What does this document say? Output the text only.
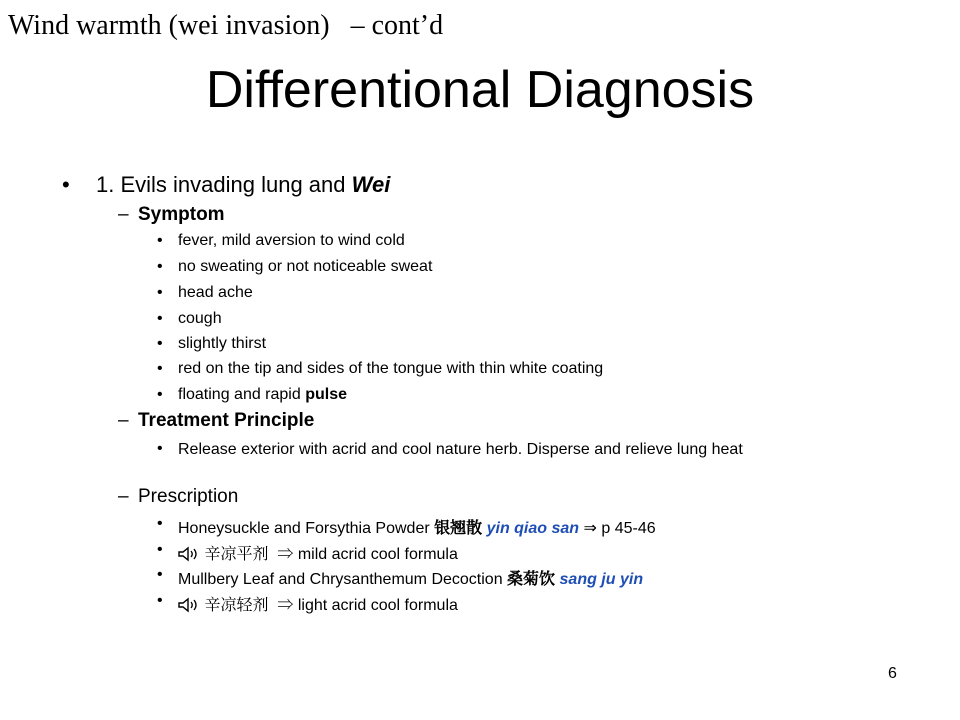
Wind warmth (wei invasion)   – cont’d
Differentional Diagnosis
• 1. Evils invading lung and Wei
– Symptom
• fever, mild aversion to wind cold
• no sweating or not noticeable sweat
• head ache
• cough
• slightly thirst
• red on the tip and sides of the tongue with thin white coating
• floating and rapid pulse
– Treatment Principle
• Release exterior with acrid and cool nature herb. Disperse and relieve lung heat
– Prescription
• Honeysuckle and Forsythia Powder 银翘散 yin qiao san ⇒ p 45-46
•	辛凉平剂 ⇒ mild acrid cool formula
• Mullbery Leaf and Chrysanthemum Decoction 桑菊饮 sang ju yin
•	辛凉轻剂 ⇒ light acrid cool formula
6
